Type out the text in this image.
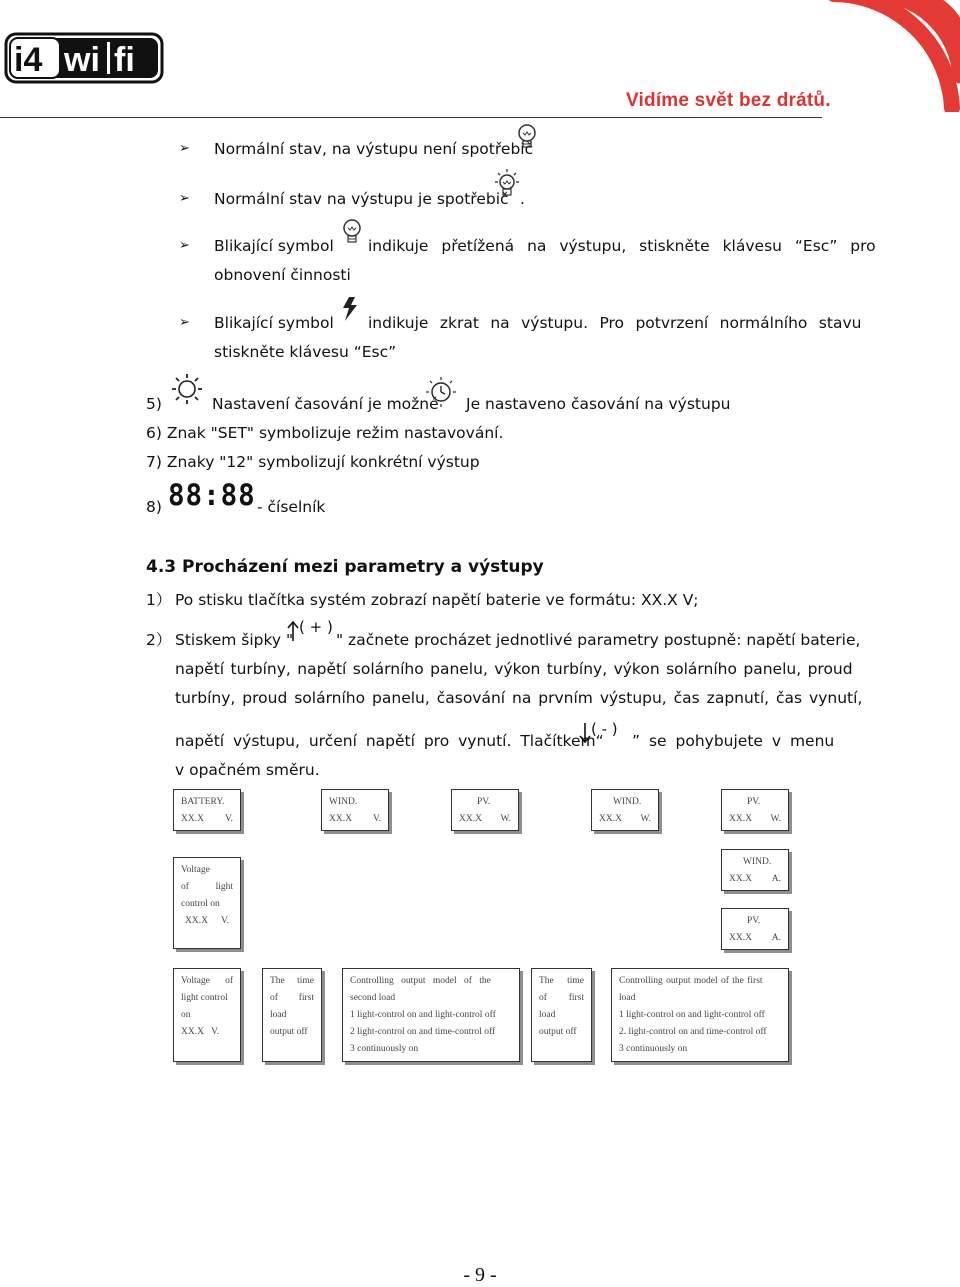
i4 wi fi
Vidíme svět bez drátů.
➢ Normální stav, na výstupu není spotřebič
➢ Normální stav na výstupu je spotřebič .
➢ Blikající symbol indikuje přetížená na výstupu, stiskněte klávesu “Esc” pro
obnovení činnosti
➢ Blikající symbol indikuje zkrat na výstupu. Pro potvrzení normálního stavu
stiskněte klávesu “Esc”
5)	Nastavení časování je možné Je nastaveno časování na výstupu
6) Znak "SET" symbolizuje režim nastavování.
7) Znaky "12" symbolizují konkrétní výstup
8) 88:88 - číselník
4.3 Procházení mezi parametry a výstupy
1） Po stisku tlačítka systém zobrazí napětí baterie ve formátu: XX.X V;
2） Stiskem šipky "
( + )
" začnete procházet jednotlivé parametry postupně: napětí baterie,
napětí turbíny, napětí solárního panelu, výkon turbíny, výkon solárního panelu, proud
turbíny, proud solárního panelu, časování na prvním výstupu, čas zapnutí, čas vynutí,
napětí výstupu, určení napětí pro vynutí. Tlačítkem“
( - )
” se pohybujete v menu
v opačném směru.
BATTERY.
XX.X V.
WIND.
XX.X V.
PV.
XX.X W.
WIND.
XX.X W.
PV.
XX.X W.
WIND.
XX.X A.
PV.
XX.X A.
Voltage
of	light
control on
XX.X V.
Voltage of
light control
on
XX.X V.
The time
of first
load
output off
Controlling output model of the
second load
1 light-control on and light-control off
2 light-control on and time-control off
3 continuously on
The time
of first
load
output off
Controlling output model of the first
load
1 light-control on and light-control off
2. light-control on and time-control off
3 continuously on
- 9 -
